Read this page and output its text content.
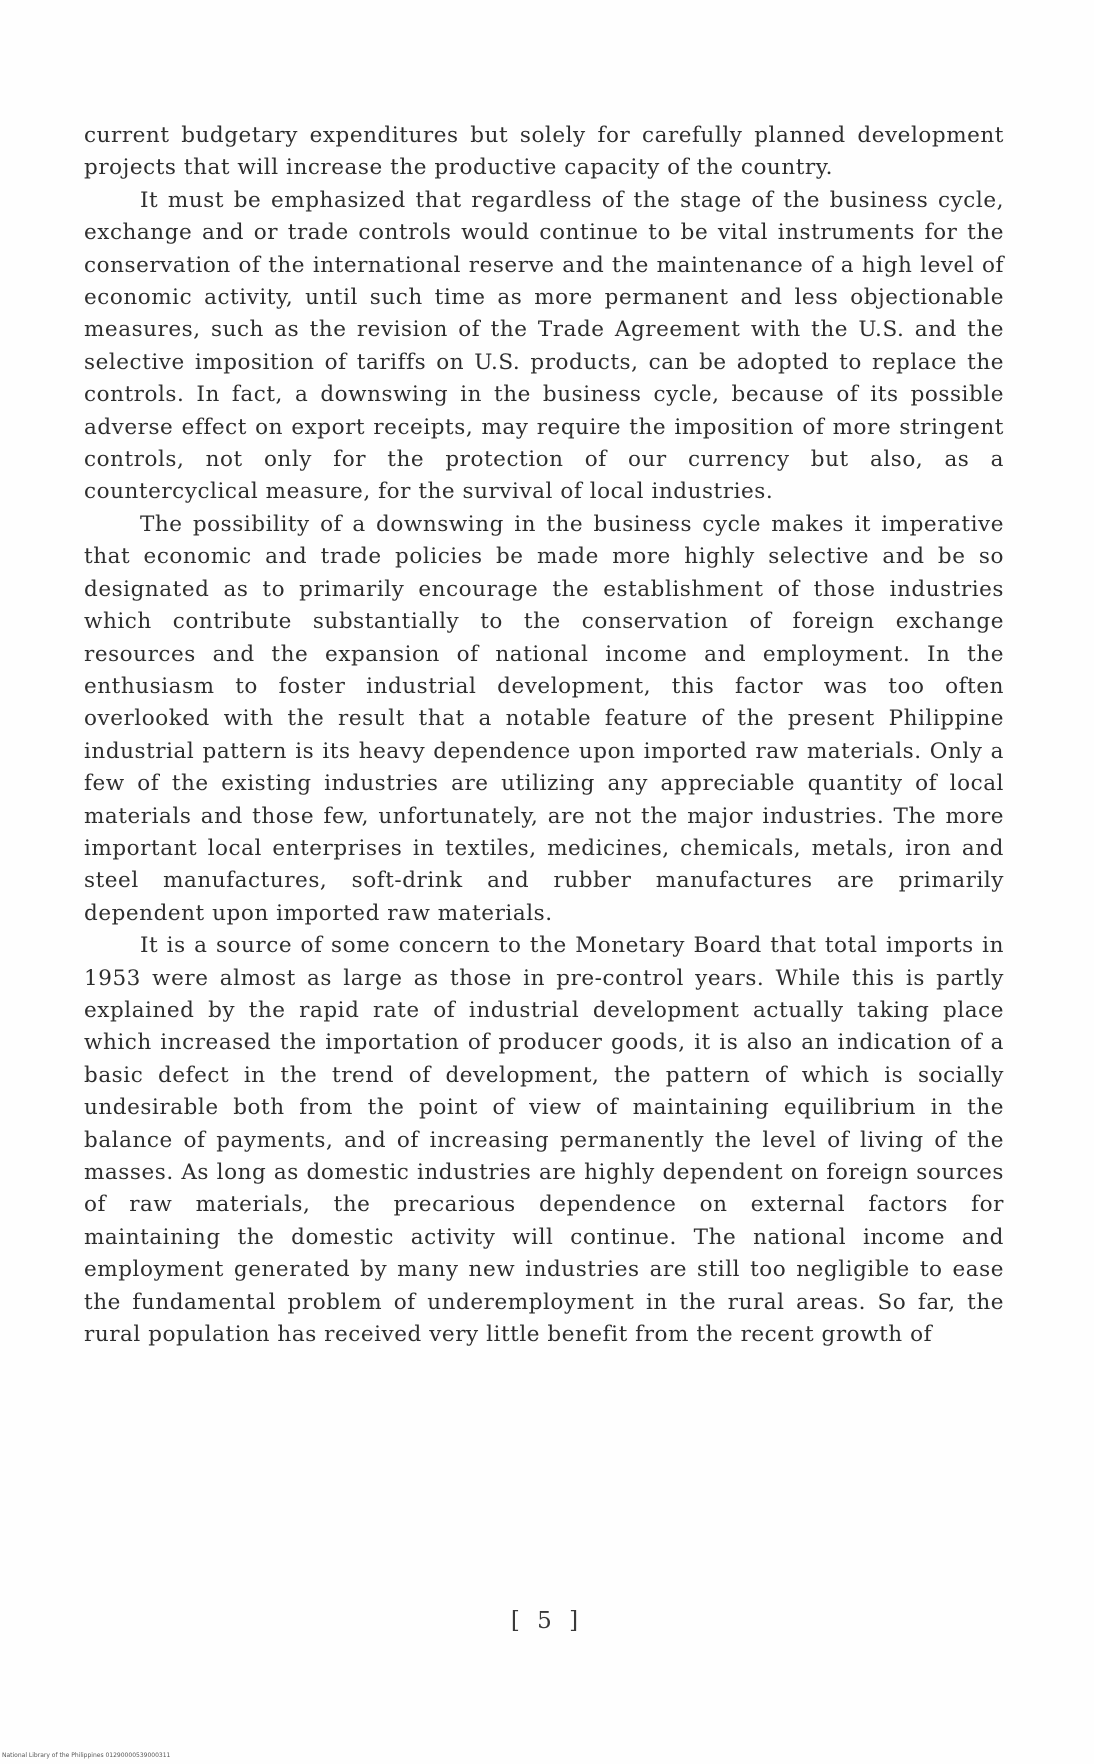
current budgetary expenditures but solely for carefully planned development projects that will increase the productive capacity of the country.

It must be emphasized that regardless of the stage of the business cycle, exchange and or trade controls would continue to be vital instruments for the conservation of the international reserve and the maintenance of a high level of economic activity, until such time as more permanent and less objectionable measures, such as the revision of the Trade Agreement with the U.S. and the selective imposition of tariffs on U.S. products, can be adopted to replace the controls. In fact, a downswing in the business cycle, because of its possible adverse effect on export receipts, may require the imposition of more stringent controls, not only for the protection of our currency but also, as a countercyclical measure, for the survival of local industries.

The possibility of a downswing in the business cycle makes it imperative that economic and trade policies be made more highly selective and be so designated as to primarily encourage the establishment of those industries which contribute substantially to the conservation of foreign exchange resources and the expansion of national income and employment. In the enthusiasm to foster industrial development, this factor was too often overlooked with the result that a notable feature of the present Philippine industrial pattern is its heavy dependence upon imported raw materials. Only a few of the existing industries are utilizing any appreciable quantity of local materials and those few, unfortunately, are not the major industries. The more important local enterprises in textiles, medicines, chemicals, metals, iron and steel manufactures, soft-drink and rubber manufactures are primarily dependent upon imported raw materials.

It is a source of some concern to the Monetary Board that total imports in 1953 were almost as large as those in pre-control years. While this is partly explained by the rapid rate of industrial development actually taking place which increased the importation of producer goods, it is also an indication of a basic defect in the trend of development, the pattern of which is socially undesirable both from the point of view of maintaining equilibrium in the balance of payments, and of increasing permanently the level of living of the masses. As long as domestic industries are highly dependent on foreign sources of raw materials, the precarious dependence on external factors for maintaining the domestic activity will continue. The national income and employment generated by many new industries are still too negligible to ease the fundamental problem of underemployment in the rural areas. So far, the rural population has received very little benefit from the recent growth of

[ 5 ]
National Library of the Philippines 01290000539000311
